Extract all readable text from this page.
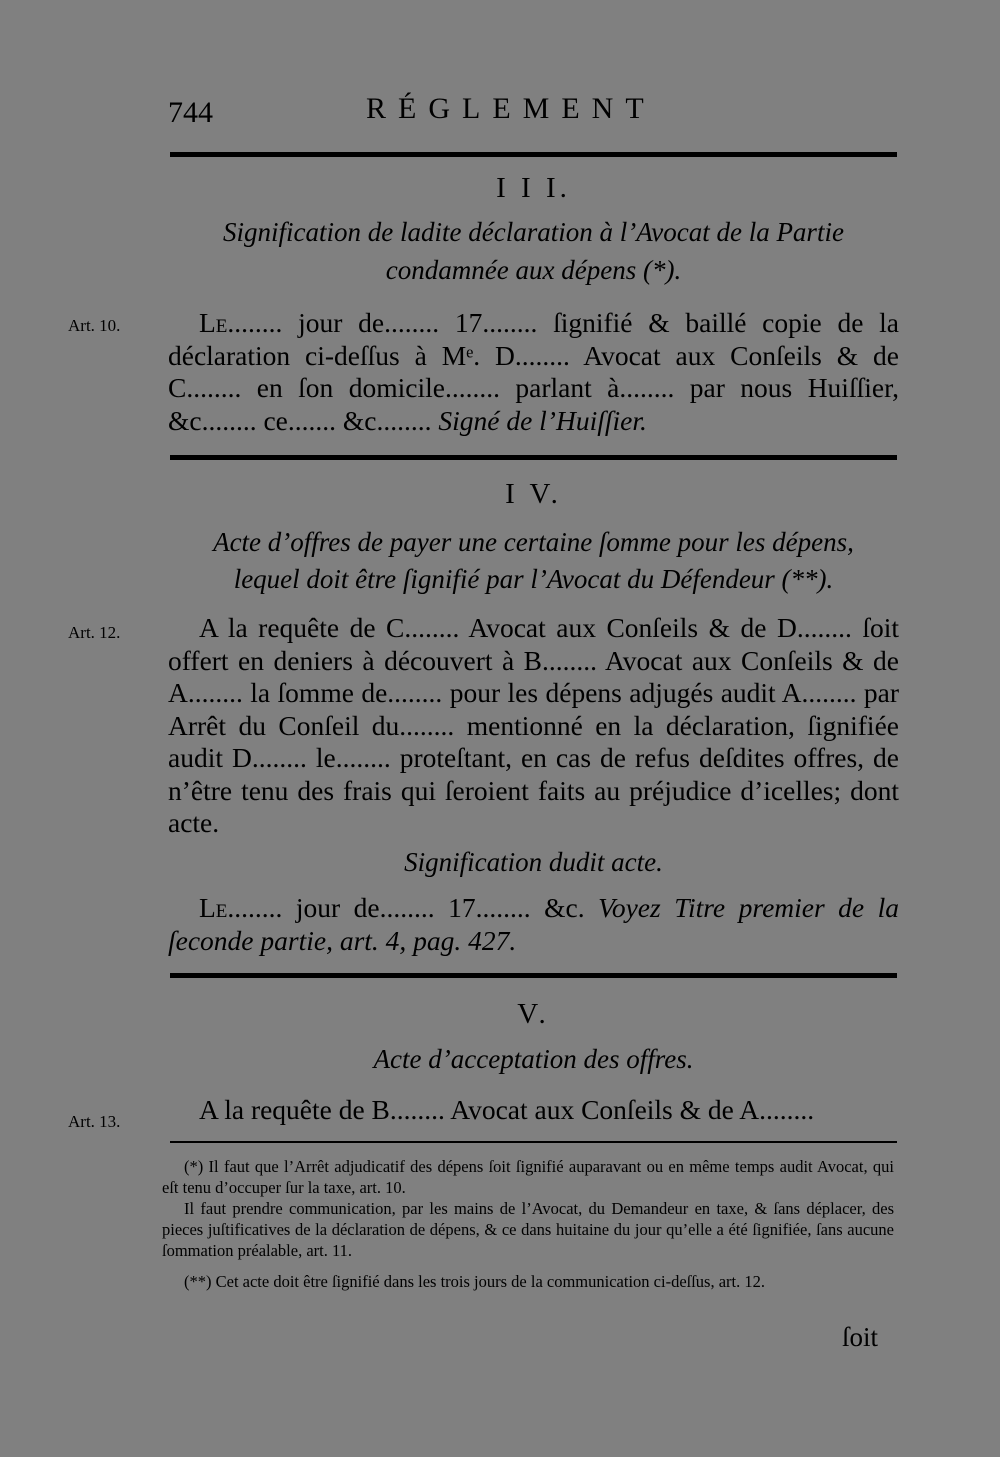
744	RÉGLEMENT
I I I.
Signification de ladite déclaration à l’Avocat de la Partie
condamnée aux dépens (*).
Art. 10.	Le........ jour de........ 17........ ſignifié & baillé copie de la déclaration ci-deſſus à Mᵉ. D........ Avocat aux Conſeils & de C........ en ſon domicile........ parlant à........ par nous Huiſſier, &c........ ce....... &c........ Signé de l’Huiſſier.
I V.
Acte d’offres de payer une certaine ſomme pour les dépens,
lequel doit être ſignifié par l’Avocat du Défendeur (**).
Art. 12.	A la requête de C........ Avocat aux Conſeils & de D........ ſoit offert en deniers à découvert à B........ Avocat aux Conſeils & de A........ la ſomme de........ pour les dépens adjugés audit A........ par Arrêt du Conſeil du........ mentionné en la déclaration, ſignifiée audit D........ le........ proteſtant, en cas de refus deſdites offres, de n’être tenu des frais qui ſeroient faits au préjudice d’icelles; dont acte.
Signification dudit acte.
Le........ jour de........ 17........ &c. Voyez Titre premier de la ſeconde partie, art. 4, pag. 427.
V.
Acte d’acceptation des offres.
Art. 13.	A la requête de B........ Avocat aux Conſeils & de A........

(*) Il faut que l’Arrêt adjudicatif des dépens ſoit ſignifié auparavant ou en même temps audit Avocat, qui eſt tenu d’occuper ſur la taxe, art. 10.

Il faut prendre communication, par les mains de l’Avocat, du Demandeur en taxe, & ſans déplacer, des pieces juſtificatives de la déclaration de dépens, & ce dans huitaine du jour qu’elle a été ſignifiée, ſans aucune ſommation préalable, art. 11.

(**) Cet acte doit être ſignifié dans les trois jours de la communication ci-deſſus, art. 12.

ſoit
